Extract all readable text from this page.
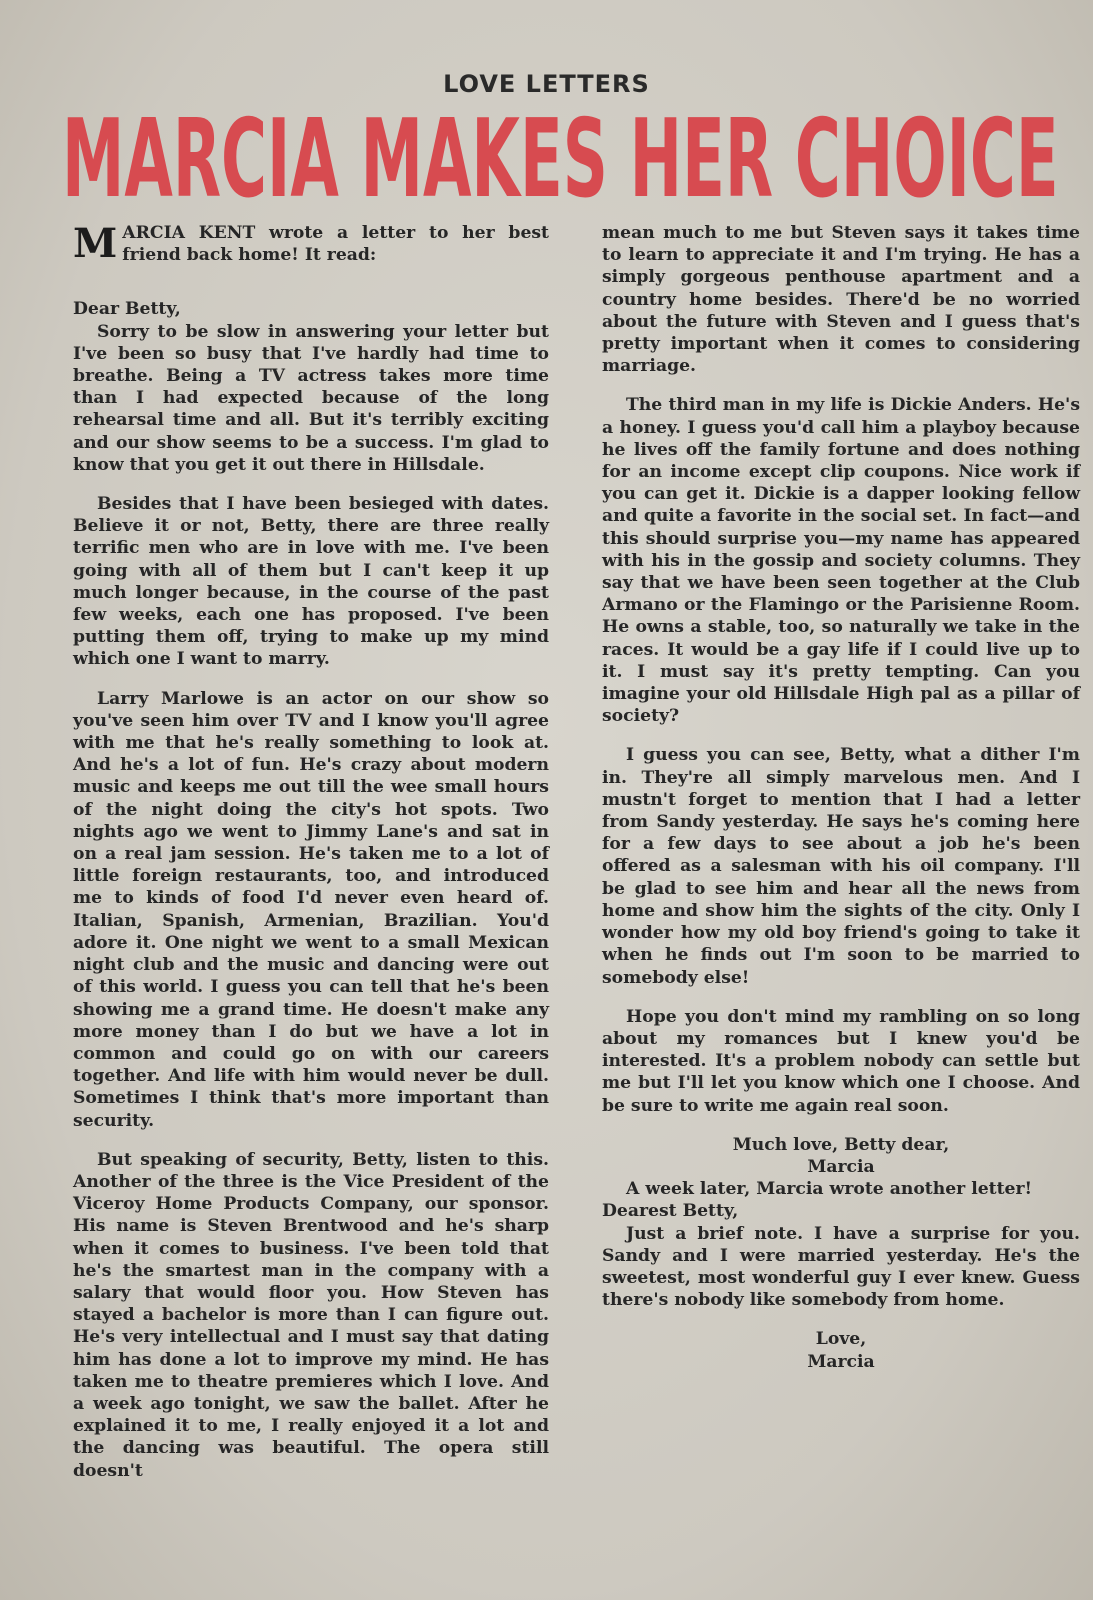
LOVE LETTERS
MARCIA MAKES HER CHOICE

MARCIA KENT wrote a letter to her best friend back home! It read:

Dear Betty,

Sorry to be slow in answering your letter but I've been so busy that I've hardly had time to breathe. Being a TV actress takes more time than I had expected because of the long rehearsal time and all. But it's terribly exciting and our show seems to be a success. I'm glad to know that you get it out there in Hillsdale.

Besides that I have been besieged with dates. Believe it or not, Betty, there are three really terrific men who are in love with me. I've been going with all of them but I can't keep it up much longer because, in the course of the past few weeks, each one has proposed. I've been putting them off, trying to make up my mind which one I want to marry.

Larry Marlowe is an actor on our show so you've seen him over TV and I know you'll agree with me that he's really something to look at. And he's a lot of fun. He's crazy about modern music and keeps me out till the wee small hours of the night doing the city's hot spots. Two nights ago we went to Jimmy Lane's and sat in on a real jam session. He's taken me to a lot of little foreign restaurants, too, and introduced me to kinds of food I'd never even heard of. Italian, Spanish, Armenian, Brazilian. You'd adore it. One night we went to a small Mexican night club and the music and dancing were out of this world. I guess you can tell that he's been showing me a grand time. He doesn't make any more money than I do but we have a lot in common and could go on with our careers together. And life with him would never be dull. Sometimes I think that's more important than security.

But speaking of security, Betty, listen to this. Another of the three is the Vice President of the Viceroy Home Products Company, our sponsor. His name is Steven Brentwood and he's sharp when it comes to business. I've been told that he's the smartest man in the company with a salary that would floor you. How Steven has stayed a bachelor is more than I can figure out. He's very intellectual and I must say that dating him has done a lot to improve my mind. He has taken me to theatre premieres which I love. And a week ago tonight, we saw the ballet. After he explained it to me, I really enjoyed it a lot and the dancing was beautiful. The opera still doesn't

mean much to me but Steven says it takes time to learn to appreciate it and I'm trying. He has a simply gorgeous penthouse apartment and a country home besides. There'd be no worried about the future with Steven and I guess that's pretty important when it comes to considering marriage.

The third man in my life is Dickie Anders. He's a honey. I guess you'd call him a playboy because he lives off the family fortune and does nothing for an income except clip coupons. Nice work if you can get it. Dickie is a dapper looking fellow and quite a favorite in the social set. In fact—and this should surprise you—my name has appeared with his in the gossip and society columns. They say that we have been seen together at the Club Armano or the Flamingo or the Parisienne Room. He owns a stable, too, so naturally we take in the races. It would be a gay life if I could live up to it. I must say it's pretty tempting. Can you imagine your old Hillsdale High pal as a pillar of society?

I guess you can see, Betty, what a dither I'm in. They're all simply marvelous men. And I mustn't forget to mention that I had a letter from Sandy yesterday. He says he's coming here for a few days to see about a job he's been offered as a salesman with his oil company. I'll be glad to see him and hear all the news from home and show him the sights of the city. Only I wonder how my old boy friend's going to take it when he finds out I'm soon to be married to somebody else!

Hope you don't mind my rambling on so long about my romances but I knew you'd be interested. It's a problem nobody can settle but me but I'll let you know which one I choose. And be sure to write me again real soon.

Much love, Betty dear,

Marcia

A week later, Marcia wrote another letter!

Dearest Betty,

Just a brief note. I have a surprise for you. Sandy and I were married yesterday. He's the sweetest, most wonderful guy I ever knew. Guess there's nobody like somebody from home.

Love,

Marcia
